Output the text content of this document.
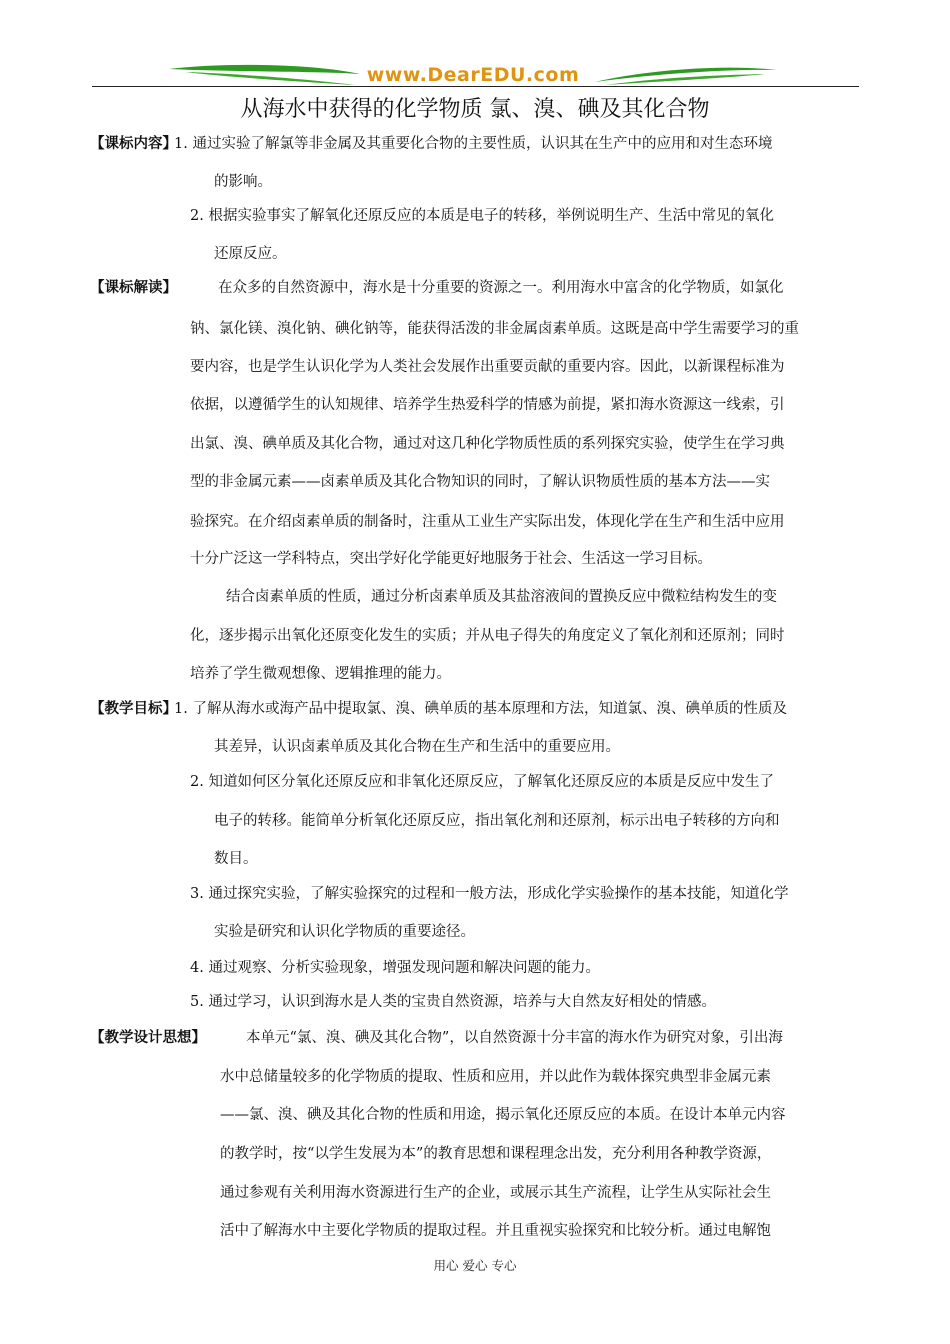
www.DearEDU.com
从海水中获得的化学物质 氯、溴、碘及其化合物
【课标内容】
1. 通过实验了解氯等非金属及其重要化合物的主要性质，认识其在生产中的应用和对生态环境
的影响。
2. 根据实验事实了解氧化还原反应的本质是电子的转移，举例说明生产、生活中常见的氧化
还原反应。
【课标解读】	在众多的自然资源中，海水是十分重要的资源之一。利用海水中富含的化学物质，如氯化
钠、氯化镁、溴化钠、碘化钠等，能获得活泼的非金属卤素单质。这既是高中学生需要学习的重
要内容，也是学生认识化学为人类社会发展作出重要贡献的重要内容。因此，以新课程标准为
依据，以遵循学生的认知规律、培养学生热爱科学的情感为前提，紧扣海水资源这一线索，引
出氯、溴、碘单质及其化合物，通过对这几种化学物质性质的系列探究实验，使学生在学习典
型的非金属元素——卤素单质及其化合物知识的同时，了解认识物质性质的基本方法——实
验探究。在介绍卤素单质的制备时，注重从工业生产实际出发，体现化学在生产和生活中应用
十分广泛这一学科特点，突出学好化学能更好地服务于社会、生活这一学习目标。
结合卤素单质的性质，通过分析卤素单质及其盐溶液间的置换反应中微粒结构发生的变
化，逐步揭示出氧化还原变化发生的实质；并从电子得失的角度定义了氧化剂和还原剂；同时
培养了学生微观想像、逻辑推理的能力。
【教学目标】
1. 了解从海水或海产品中提取氯、溴、碘单质的基本原理和方法，知道氯、溴、碘单质的性质及
其差异，认识卤素单质及其化合物在生产和生活中的重要应用。
2. 知道如何区分氧化还原反应和非氧化还原反应，了解氧化还原反应的本质是反应中发生了
电子的转移。能简单分析氧化还原反应，指出氧化剂和还原剂，标示出电子转移的方向和
数目。
3. 通过探究实验，了解实验探究的过程和一般方法，形成化学实验操作的基本技能，知道化学
实验是研究和认识化学物质的重要途径。
4. 通过观察、分析实验现象，增强发现问题和解决问题的能力。
5. 通过学习，认识到海水是人类的宝贵自然资源，培养与大自然友好相处的情感。
【教学设计思想】	本单元“氯、溴、碘及其化合物”，以自然资源十分丰富的海水作为研究对象，引出海
水中总储量较多的化学物质的提取、性质和应用，并以此作为载体探究典型非金属元素
——氯、溴、碘及其化合物的性质和用途，揭示氧化还原反应的本质。在设计本单元内容
的教学时，按“以学生发展为本”的教育思想和课程理念出发，充分利用各种教学资源，
通过参观有关利用海水资源进行生产的企业，或展示其生产流程，让学生从实际社会生
活中了解海水中主要化学物质的提取过程。并且重视实验探究和比较分析。通过电解饱
用心 爱心 专心
